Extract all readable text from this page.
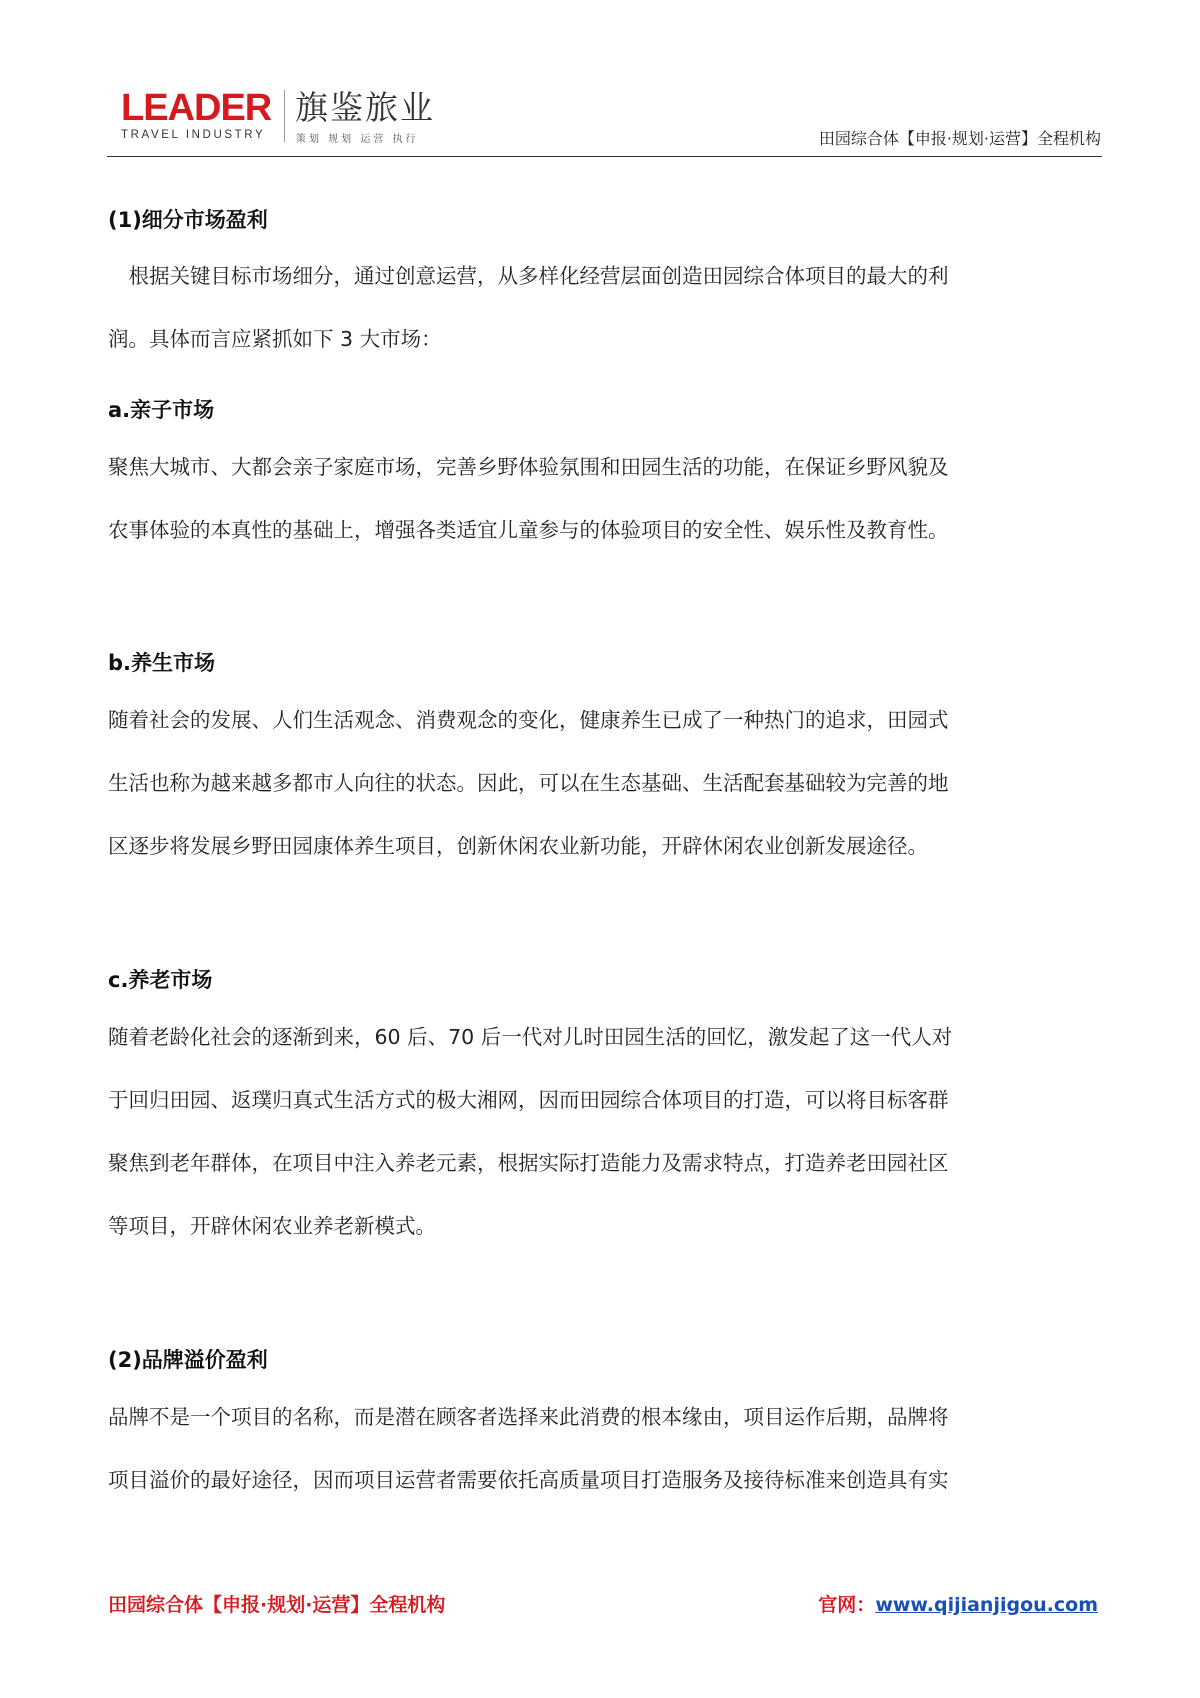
LEADER
TRAVEL INDUSTRY
旗鉴旅业
策划 规划 运营 执行	田园综合体【申报·规划·运营】全程机构
(1)细分市场盈利
　根据关键目标市场细分，通过创意运营，从多样化经营层面创造田园综合体项目的最大的利
润。具体而言应紧抓如下 3 大市场：
a.亲子市场
聚焦大城市、大都会亲子家庭市场，完善乡野体验氛围和田园生活的功能，在保证乡野风貌及
农事体验的本真性的基础上，增强各类适宜儿童参与的体验项目的安全性、娱乐性及教育性。
b.养生市场
随着社会的发展、人们生活观念、消费观念的变化，健康养生已成了一种热门的追求，田园式
生活也称为越来越多都市人向往的状态。因此，可以在生态基础、生活配套基础较为完善的地
区逐步将发展乡野田园康体养生项目，创新休闲农业新功能，开辟休闲农业创新发展途径。
c.养老市场
随着老龄化社会的逐渐到来，60 后、70 后一代对儿时田园生活的回忆，激发起了这一代人对
于回归田园、返璞归真式生活方式的极大湘网，因而田园综合体项目的打造，可以将目标客群
聚焦到老年群体，在项目中注入养老元素，根据实际打造能力及需求特点，打造养老田园社区
等项目，开辟休闲农业养老新模式。
(2)品牌溢价盈利
品牌不是一个项目的名称，而是潜在顾客者选择来此消费的根本缘由，项目运作后期，品牌将
项目溢价的最好途径，因而项目运营者需要依托高质量项目打造服务及接待标准来创造具有实
田园综合体【申报·规划·运营】全程机构	官网：www.qijianjigou.com
